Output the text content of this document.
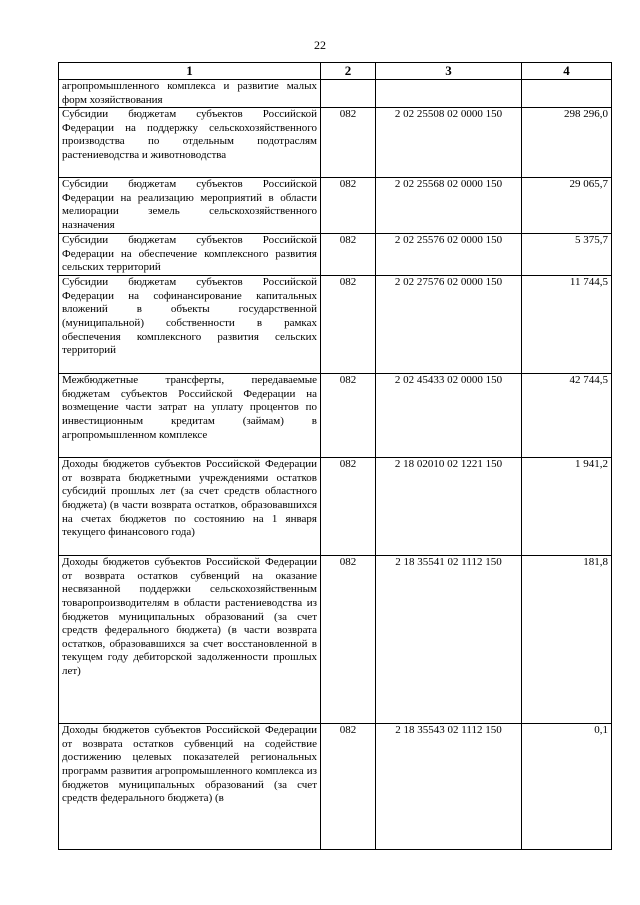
22
1	2	3	4
агропромышленного комплекса и развитие малых форм хозяйствования			
Субсидии бюджетам субъектов Российской Федерации на поддержку сельскохозяйственного производства по отдельным подотраслям растениеводства и животноводства	082	2 02 25508 02 0000 150	298 296,0
Субсидии бюджетам субъектов Российской Федерации на реализацию мероприятий в области мелиорации земель сельскохозяйственного назначения	082	2 02 25568 02 0000 150	29 065,7
Субсидии бюджетам субъектов Российской Федерации на обеспечение комплексного развития сельских территорий	082	2 02 25576 02 0000 150	5 375,7
Субсидии бюджетам субъектов Российской Федерации на софинансирование капитальных вложений в объекты государственной (муниципальной) собственности в рамках обеспечения комплексного развития сельских территорий	082	2 02 27576 02 0000 150	11 744,5
Межбюджетные трансферты, передаваемые бюджетам субъектов Российской Федерации на возмещение части затрат на уплату процентов по инвестиционным кредитам (займам) в агропромышленном комплексе	082	2 02 45433 02 0000 150	42 744,5
Доходы бюджетов субъектов Российской Федерации от возврата бюджетными учреждениями остатков субсидий прошлых лет (за счет средств областного бюджета) (в части возврата остатков, образовавшихся на счетах бюджетов по состоянию на 1 января текущего финансового года)	082	2 18 02010 02 1221 150	1 941,2
Доходы бюджетов субъектов Российской Федерации от возврата остатков субвенций на оказание несвязанной поддержки сельскохозяйственным товаропроизводителям в области растениеводства из бюджетов муниципальных образований (за счет средств федерального бюджета) (в части возврата остатков, образовавшихся за счет восстановленной в текущем году дебиторской задолженности прошлых лет)	082	2 18 35541 02 1112 150	181,8
Доходы бюджетов субъектов Российской Федерации от возврата остатков субвенций на содействие достижению целевых показателей региональных программ развития агропромышленного комплекса из бюджетов муниципальных образований (за счет средств федерального бюджета) (в	082	2 18 35543 02 1112 150	0,1
